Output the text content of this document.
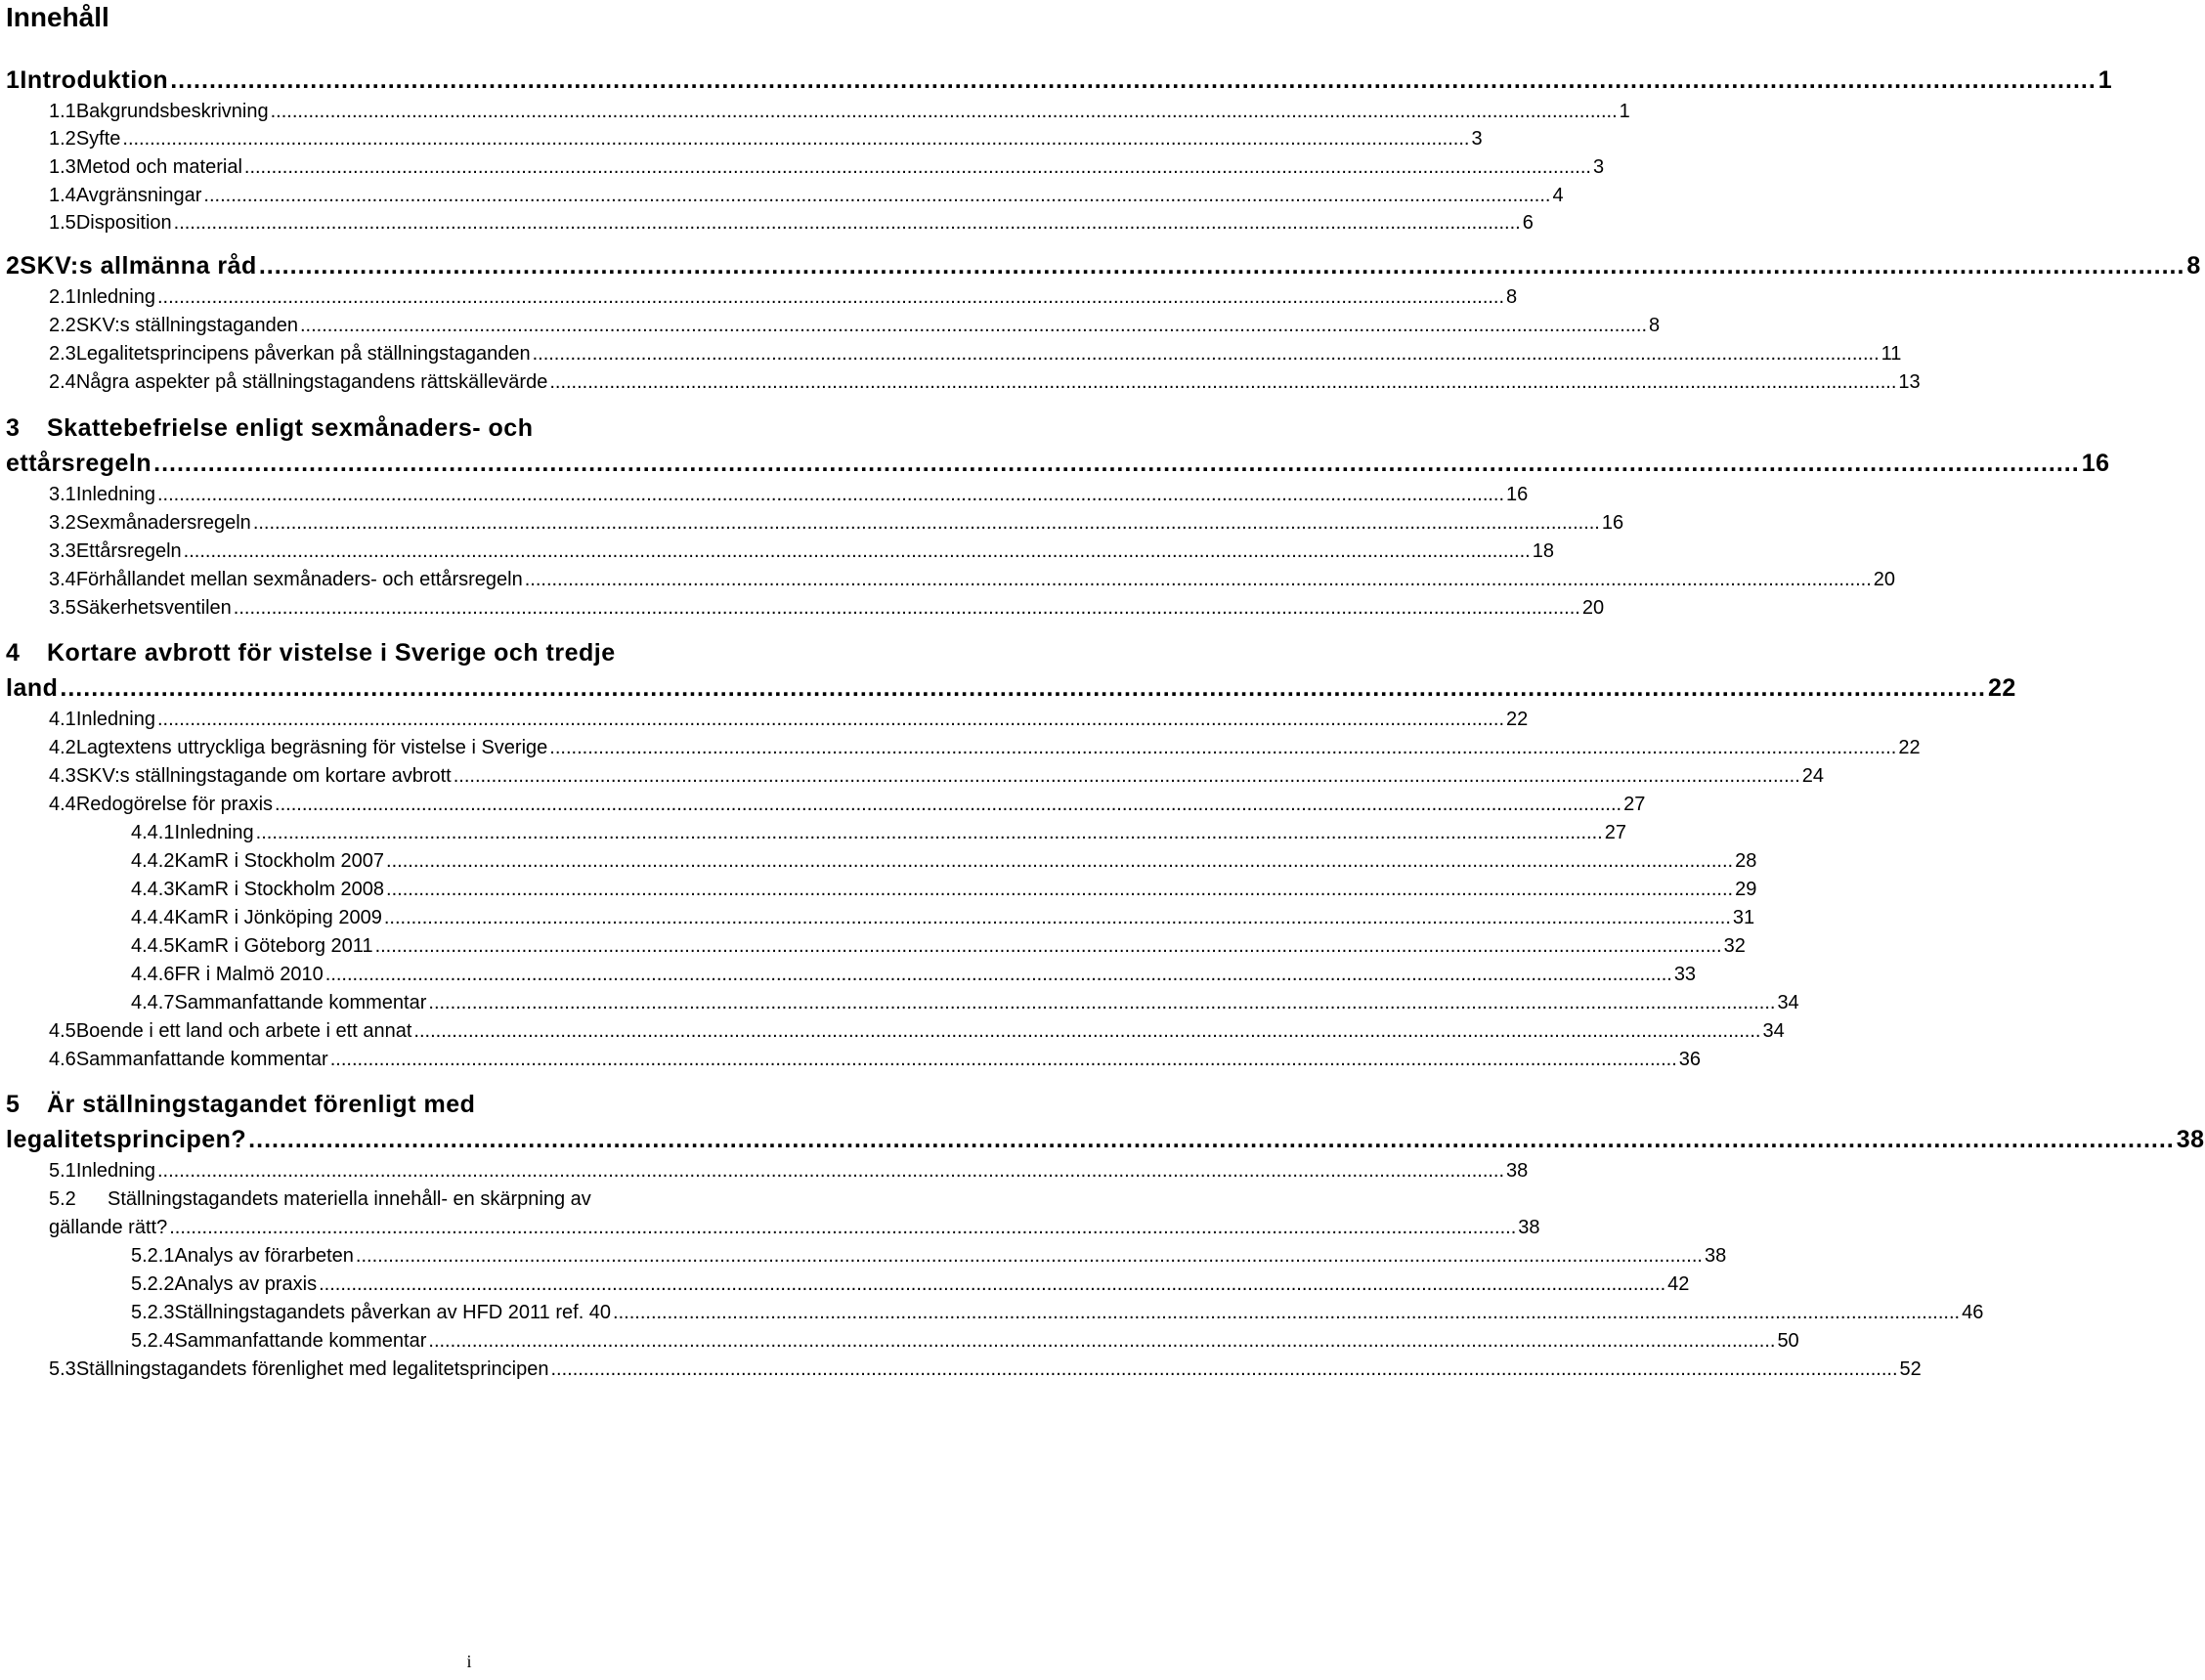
Innehåll
1 Introduktion .....	1
1.1 Bakgrundsbeskrivning .....	1
1.2 Syfte .....	3
1.3 Metod och material .....	3
1.4 Avgränsningar .....	4
1.5 Disposition .....	6
2 SKV:s allmänna råd .....	8
2.1 Inledning .....	8
2.2 SKV:s ställningstaganden .....	8
2.3 Legalitetsprincipens påverkan på ställningstaganden .....	11
2.4 Några aspekter på ställningstagandens rättskällevärde .....	13
3 Skattebefrielse enligt sexmånaders- och
ettårsregeln .....	16
3.1 Inledning .....	16
3.2 Sexmånadersregeln .....	16
3.3 Ettårsregeln .....	18
3.4 Förhållandet mellan sexmånaders- och ettårsregeln .....	20
3.5 Säkerhetsventilen .....	20
4 Kortare avbrott för vistelse i Sverige och tredje
land .....	22
4.1 Inledning .....	22
4.2 Lagtextens uttryckliga begräsning för vistelse i Sverige .....	22
4.3 SKV:s ställningstagande om kortare avbrott .....	24
4.4 Redogörelse för praxis .....	27
4.4.1 Inledning .....	27
4.4.2 KamR i Stockholm 2007 .....	28
4.4.3 KamR i Stockholm 2008 .....	29
4.4.4 KamR i Jönköping 2009 .....	31
4.4.5 KamR i Göteborg 2011 .....	32
4.4.6 FR i Malmö 2010 .....	33
4.4.7 Sammanfattande kommentar .....	34
4.5 Boende i ett land och arbete i ett annat .....	34
4.6 Sammanfattande kommentar .....	36
5 Är ställningstagandet förenligt med
legalitetsprincipen? .....	38
5.1 Inledning .....	38
5.2 Ställningstagandets materiella innehåll- en skärpning av
gällande rätt? .....	38
5.2.1 Analys av förarbeten .....	38
5.2.2 Analys av praxis .....	42
5.2.3 Ställningstagandets påverkan av HFD 2011 ref. 40 .....	46
5.2.4 Sammanfattande kommentar .....	50
5.3 Ställningstagandets förenlighet med legalitetsprincipen .....	52
i
